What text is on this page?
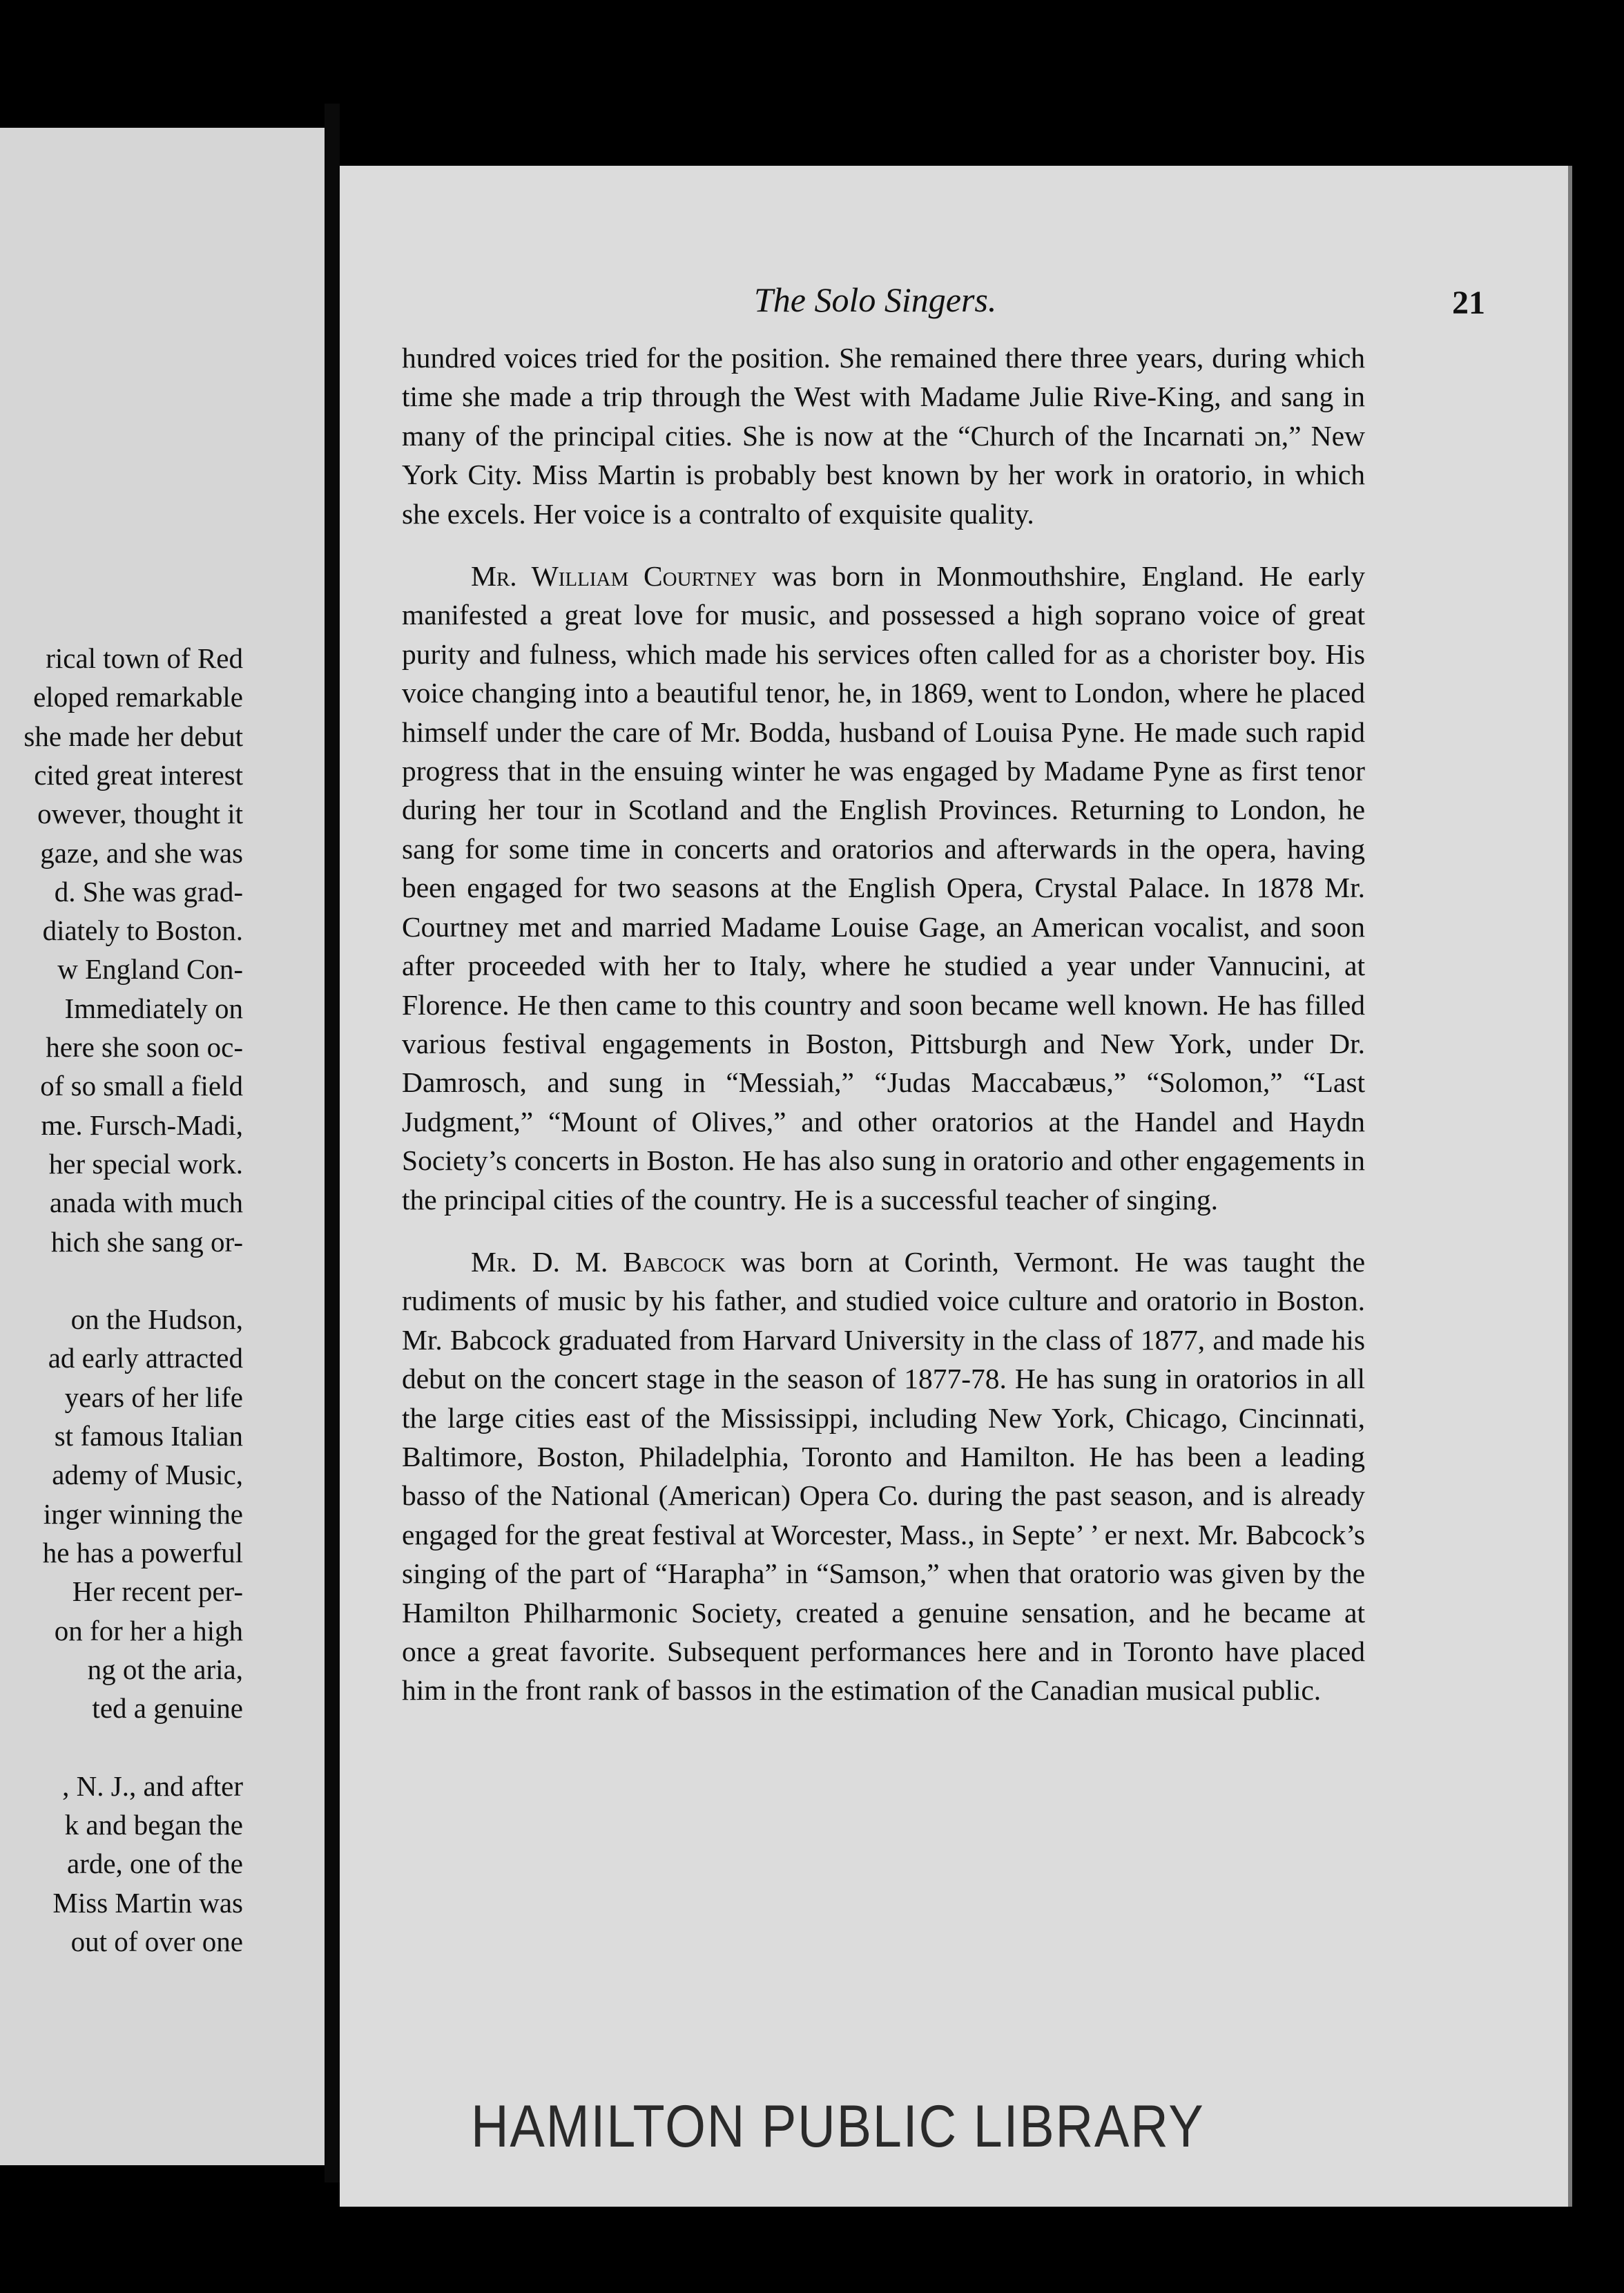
rical town of Red
eloped remarkable
she made her debut
cited great interest
owever, thought it
gaze, and she was
d. She was grad-
diately to Boston.
w England Con-
Immediately on
here she soon oc-
of so small a field
me. Fursch-Madi,
her special work.
anada with much
hich she sang or-
on the Hudson,
ad early attracted
years of her life
st famous Italian
ademy of Music,
inger winning the
he has a powerful
Her recent per-
on for her a high
ng ot the aria,
ted a genuine
, N. J., and after
k and began the
arde, one of the
Miss Martin was
out of over one
The Solo Singers.	21

hundred voices tried for the position. She remained there three years, during which time she made a trip through the West with Madame Julie Rive-King, and sang in many of the principal cities. She is now at the “Church of the Incarnati ɔn,” New York City. Miss Martin is probably best known by her work in oratorio, in which she excels. Her voice is a contralto of exquisite quality.

Mr. William Courtney was born in Monmouthshire, England. He early manifested a great love for music, and possessed a high soprano voice of great purity and fulness, which made his services often called for as a chorister boy. His voice changing into a beautiful tenor, he, in 1869, went to London, where he placed himself under the care of Mr. Bodda, husband of Louisa Pyne. He made such rapid progress that in the ensuing winter he was engaged by Madame Pyne as first tenor during her tour in Scotland and the English Provinces. Returning to London, he sang for some time in concerts and oratorios and afterwards in the opera, having been engaged for two seasons at the English Opera, Crystal Palace. In 1878 Mr. Courtney met and married Madame Louise Gage, an American vocalist, and soon after proceeded with her to Italy, where he studied a year under Vannucini, at Florence. He then came to this country and soon became well known. He has filled various festival engagements in Boston, Pittsburgh and New York, under Dr. Damrosch, and sung in “Messiah,” “Judas Maccabæus,” “Solomon,” “Last Judgment,” “Mount of Olives,” and other oratorios at the Handel and Haydn Society’s concerts in Boston. He has also sung in oratorio and other engagements in the principal cities of the country. He is a successful teacher of singing.

Mr. D. M. Babcock was born at Corinth, Vermont. He was taught the rudiments of music by his father, and studied voice culture and oratorio in Boston. Mr. Babcock graduated from Harvard University in the class of 1877, and made his debut on the concert stage in the season of 1877-78. He has sung in oratorios in all the large cities east of the Mississippi, including New York, Chicago, Cincinnati, Baltimore, Boston, Philadelphia, Toronto and Hamilton. He has been a leading basso of the National (American) Opera Co. during the past season, and is already engaged for the great festival at Worcester, Mass., in Septe’ ’ er next. Mr. Babcock’s singing of the part of “Harapha” in “Samson,” when that oratorio was given by the Hamilton Philharmonic Society, created a genuine sensation, and he became at once a great favorite. Subsequent performances here and in Toronto have placed him in the front rank of bassos in the estimation of the Canadian musical public.

HAMILTON PUBLIC LIBRARY
